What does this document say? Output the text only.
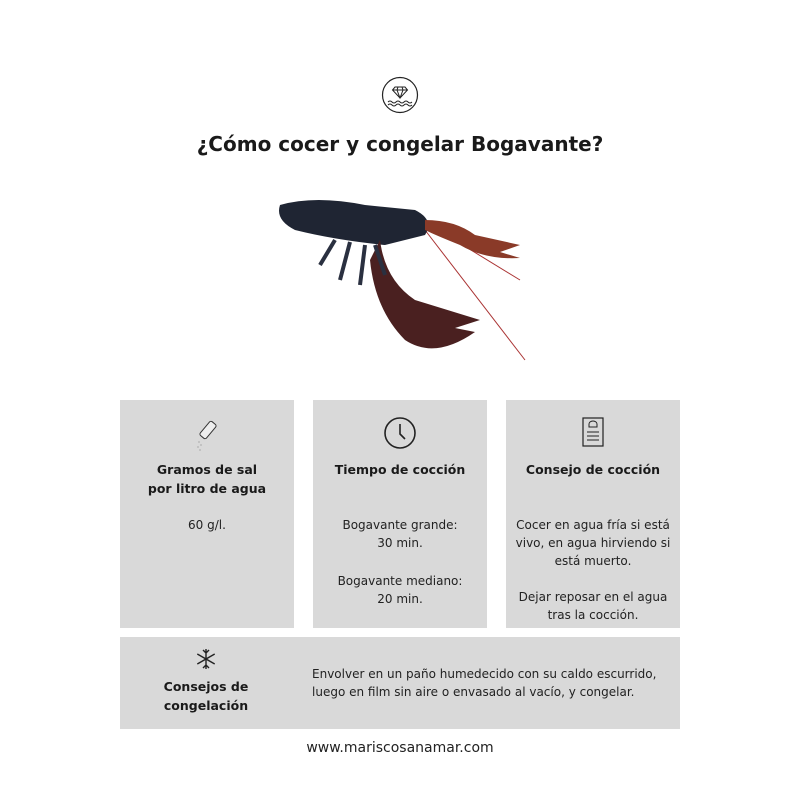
¿Cómo cocer y congelar Bogavante?
Gramos de sal
por litro de agua
60 g/l.
Tiempo de cocción
Bogavante grande:
30 min.
Bogavante mediano:
20 min.
Consejo de cocción
Cocer en agua fría si está
vivo, en agua hirviendo si
está muerto.
Dejar reposar en el agua
tras la cocción.
Consejos de
congelación
Envolver en un paño humedecido con su caldo escurrido,
luego en film sin aire o envasado al vacío, y congelar.
www.mariscosanamar.com
